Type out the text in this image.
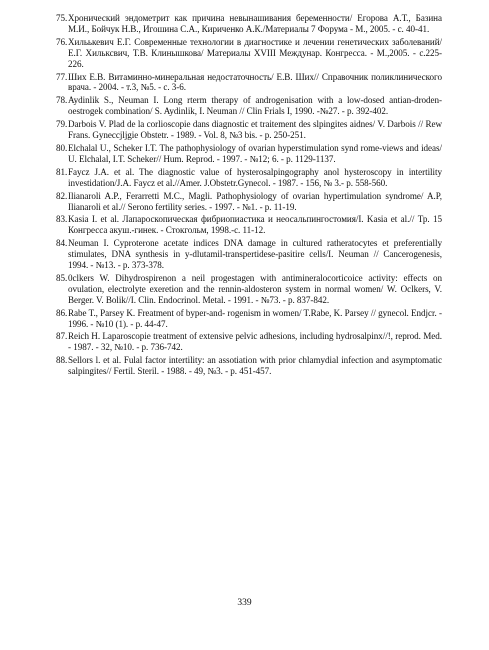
75. Хронический эндометрит как причина невынашивания беременности/ Егорова А.Т., Базина М.И., Бойчук Н.В., Игошина С.А., Кириченко А.К./Материалы 7 Форума - М., 2005. - с. 40-41.
76. Хильькевич Е.Г. Современные технологии в диагностике и лечении генетических заболеваний/Е.Г. Хильксвич, Т.В. Клинышкова/ Материалы XVIII Междунар. Конгресса. - М.,2005. - с.225-226.
77. Ших Е.В. Витаминно-минеральная недостаточность/ Е.В. Ших// Справочник поликлинического врача. - 2004. - т.3, №5. - с. 3-6.
78. Aydinlik S., Neuman I. Long rterm therapy of androgenisation with a low-dosed antian-droden-oestrogek combination/ S. Aydinlik, I. Neuman // Clin Frials I, 1990. -№27. - p. 392-402.
79. Darbois V. Plad de la corlioscopie dans diagnostic et traitement des slpingites aidnes/ V. Darbois // Rew Frans. Gyneccjljgie Obstetr. - 1989. - Vol. 8, №3 bis. - p. 250-251.
80. Elchalal U., Scheker I.T. The pathophysiology of ovarian hyperstimulation synd rome-views and ideas/ U. Elchalal, I.T. Scheker// Hum. Reprod. - 1997. - №12; 6. - p. 1129-1137.
81. Faycz J.A. et al. The diagnostic value of hysterosalpingography anol hysteroscopy in intertility investidation/J.A. Faycz et al.//Amer. J.Obstetr.Gynecol. - 1987. - 156, № 3.- p. 558-560.
82. Ilianaroli A.P., Ferarretti M.C., Magli. Pathophysiology of ovarian hypertimulation syndrome/ A.P, Ilianaroli et al.// Serono fertility series. - 1997. - №1. - p. 11-19.
83. Kasia I. et al. Лапароскопическая фибриопиастика и неосальпингостомия/I. Kasia et al.// Тр. 15 Конгресса акуш.-гинек. - Стокгольм, 1998.-с. 11-12.
84. Neuman I. Cyproterone acetate indices DNA damage in cultured ratheratocytes et preferentially stimulates, DNA synthesis in y-dlutamil-transpertidese-pasitire cells/I. Neuman // Cancerogenesis, 1994. - №13. - p. 373-378.
85. 0clkers W. Dihydrospirenon a neil progestagen with antimineralocorticoice activity: effects on ovulation, electrolyte exeretion and the rennin-aldosteron system in normal women/ W. Oclkers, V. Berger. V. Bolik//I. Clin. Endocrinol. Metal. - 1991. - №73. - p. 837-842.
86. Rabe T., Parsey K. Freatment of byper-and- rogenism in women/ T.Rabe, K. Parsey // gynecol. Endjcr. - 1996. - №10 (1). - p. 44-47.
87. Reich H. Laparoscopie treatment of extensive pelvic adhesions, including hydrosalpinx//!, reprod. Med. - 1987. - 32, №10. - p. 736-742.
88. Sellors l. et al. Fulal factor intertility: an assotiation with prior chlamydial infection and asymptomatic salpingites// Fertil. Steril. - 1988. - 49, №3. - p. 451-457.
339
